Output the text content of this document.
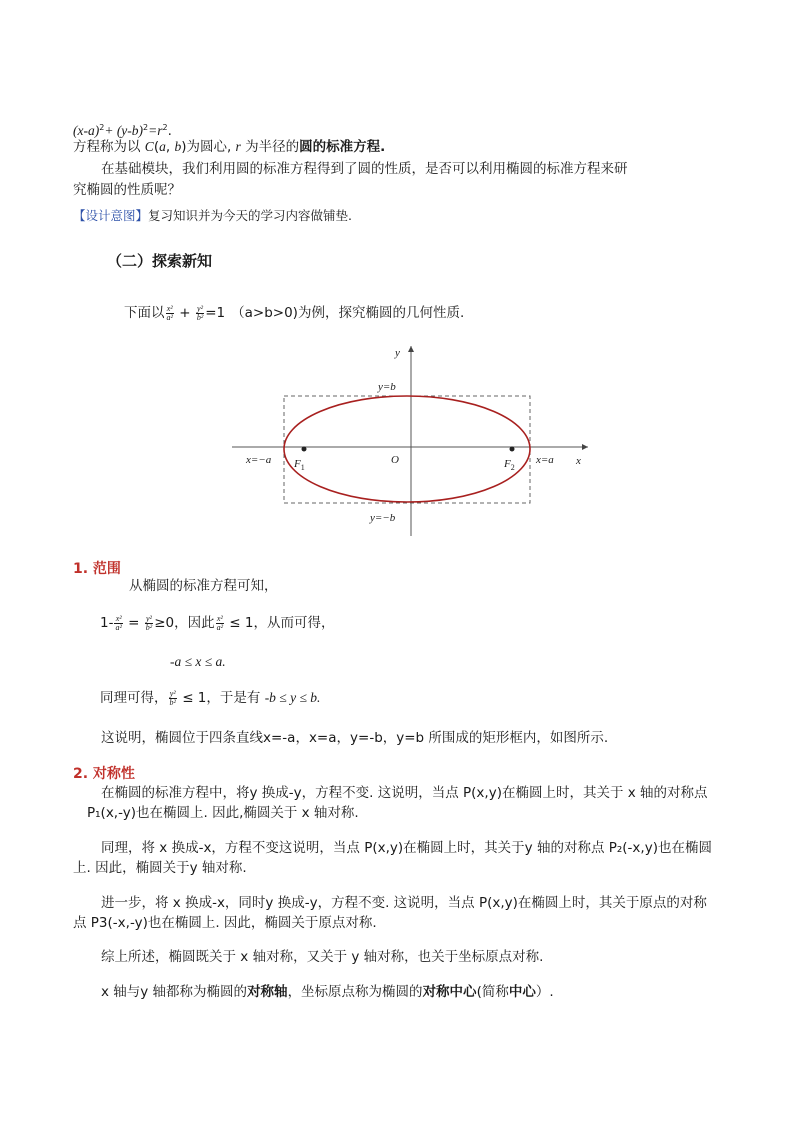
$(x-a)^2+ (y-b)^2=r^2$.
方程称为以 C(a, b)为圆心, r 为半径的圆的标准方程.
在基础模块，我们利用圆的标准方程得到了圆的性质，是否可以利用椭圆的标准方程来研
究椭圆的性质呢？
【设计意图】复习知识并为今天的学习内容做铺垫.
（二）探索新知
下面以 $\frac{\text{x²}}{\text{a²}} + \frac{\text{y²}}{\text{b²}} =1$ （a>b>0)为例，探究椭圆的几何性质.
y
x
O
y=b
y=−b
x=−a	x=a
$F_1$	$F_2$
1. 范围
从椭圆的标准方程可知，
$1- \frac{\text{x²}}{\text{a²}} = \frac{\text{y²}}{\text{b²}} \ge 0$，因此 $\frac{\text{x²}}{\text{a²}} \le 1$，从而可得，
-a ≤ x ≤ a.
同理可得， $\frac{\text{y²}}{\text{b²}} \le 1$，于是有 -b ≤ y ≤ b.
这说明，椭圆位于四条直线x=-a，x=a，y=-b，y=b 所围成的矩形框内，如图所示.
2. 对称性
在椭圆的标准方程中，将y 换成-y，方程不变. 这说明，当点 P(x,y)在椭圆上时，其关于 x 轴的对称点
P₁(x,-y)也在椭圆上. 因此,椭圆关于 x 轴对称.
同理，将 x 换成-x，方程不变这说明，当点 P(x,y)在椭圆上时，其关于y 轴的对称点 P₂(-x,y)也在椭圆
上. 因此，椭圆关于y 轴对称.
进一步，将 x 换成-x，同时y 换成-y，方程不变. 这说明，当点 P(x,y)在椭圆上时，其关于原点的对称
点 P3(-x,-y)也在椭圆上. 因此，椭圆关于原点对称.
综上所述，椭圆既关于 x 轴对称，又关于 y 轴对称，也关于坐标原点对称.
x 轴与y 轴都称为椭圆的对称轴，坐标原点称为椭圆的对称中心(简称中心）.
